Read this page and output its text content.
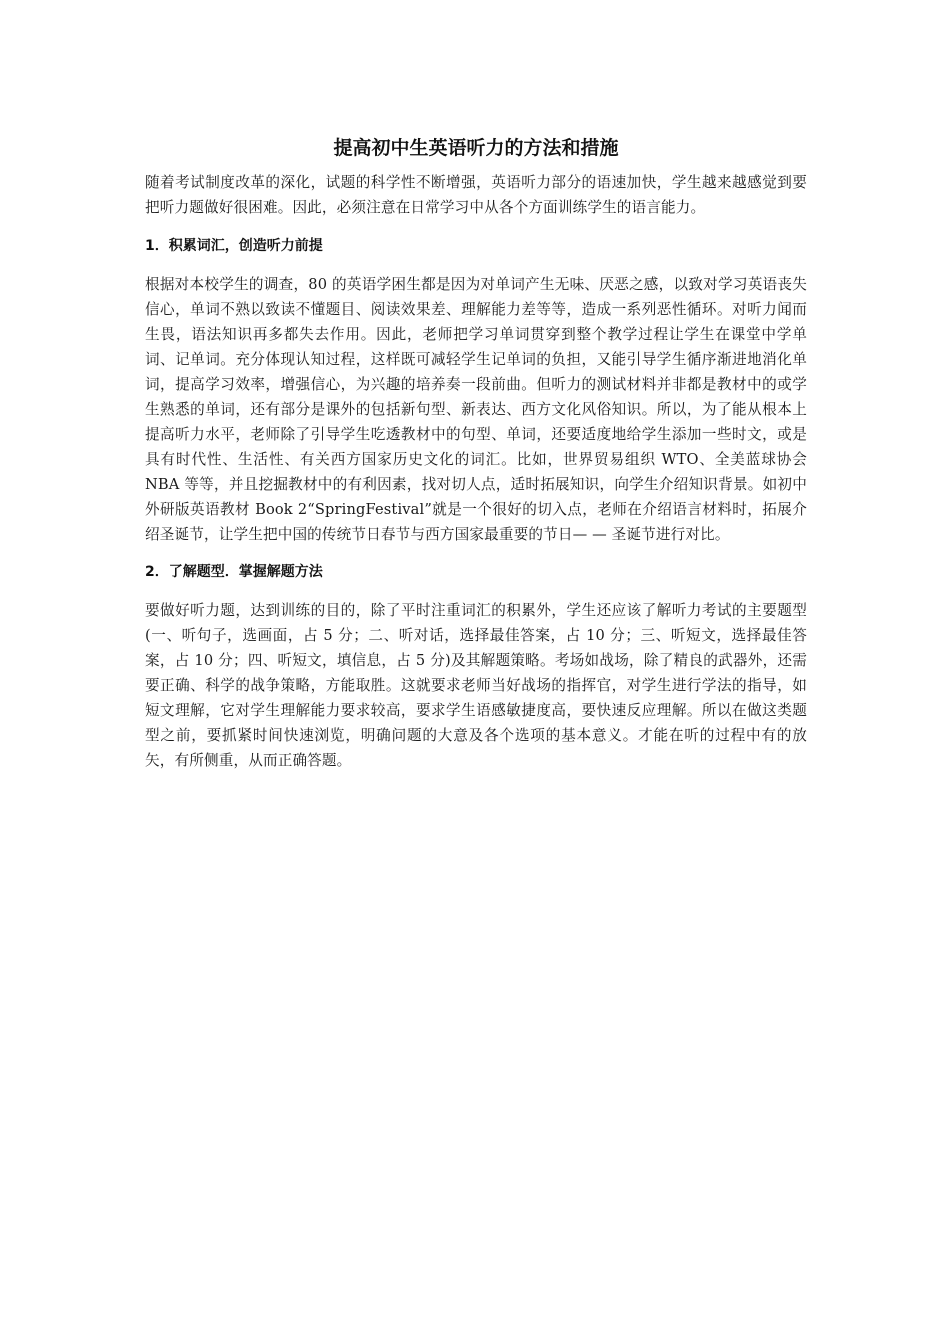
提高初中生英语听力的方法和措施

随着考试制度改革的深化，试题的科学性不断增强，英语听力部分的语速加快，学生越来越感觉到要把听力题做好很困难。因此，必须注意在日常学习中从各个方面训练学生的语言能力。

1．积累词汇，创造听力前提

根据对本校学生的调查，80 的英语学困生都是因为对单词产生无味、厌恶之感，以致对学习英语丧失信心，单词不熟以致读不懂题目、阅读效果差、理解能力差等等，造成一系列恶性循环。对听力闻而生畏，语法知识再多都失去作用。因此，老师把学习单词贯穿到整个教学过程让学生在课堂中学单词、记单词。充分体现认知过程，这样既可减轻学生记单词的负担，又能引导学生循序渐进地消化单词，提高学习效率，增强信心，为兴趣的培养奏一段前曲。但听力的测试材料并非都是教材中的或学生熟悉的单词，还有部分是课外的包括新句型、新表达、西方文化风俗知识。所以，为了能从根本上提高听力水平，老师除了引导学生吃透教材中的句型、单词，还要适度地给学生添加一些时文，或是具有时代性、生活性、有关西方国家历史文化的词汇。比如，世界贸易组织 WTO、全美蓝球协会 NBA 等等，并且挖掘教材中的有利因素，找对切人点，适时拓展知识，向学生介绍知识背景。如初中外研版英语教材 Book 2“SpringFestival”就是一个很好的切入点，老师在介绍语言材料时，拓展介绍圣诞节，让学生把中国的传统节日春节与西方国家最重要的节日— — 圣诞节进行对比。

2．了解题型．掌握解题方法

要做好听力题，达到训练的目的，除了平时注重词汇的积累外，学生还应该了解听力考试的主要题型(一、听句子，选画面，占 5 分；二、听对话，选择最佳答案，占 10 分；三、听短文，选择最佳答案，占 10 分；四、听短文，填信息，占 5 分)及其解题策略。考场如战场，除了精良的武器外，还需要正确、科学的战争策略，方能取胜。这就要求老师当好战场的指挥官，对学生进行学法的指导，如短文理解，它对学生理解能力要求较高，要求学生语感敏捷度高，要快速反应理解。所以在做这类题型之前，要抓紧时间快速浏览，明确问题的大意及各个选项的基本意义。才能在听的过程中有的放矢，有所侧重，从而正确答题。
